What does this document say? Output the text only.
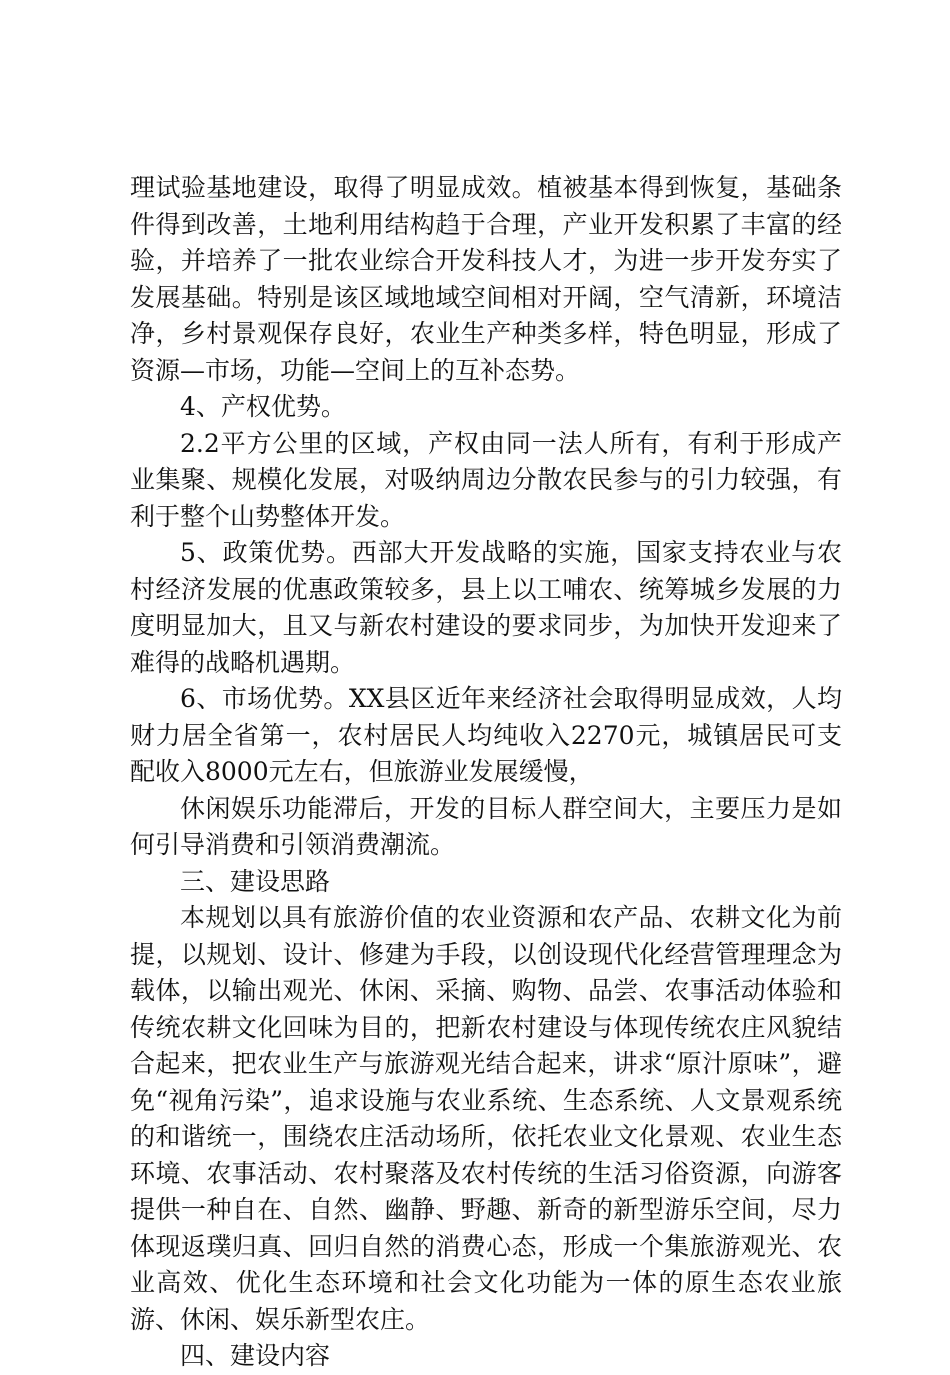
理试验基地建设，取得了明显成效。植被基本得到恢复，基础条件得到改善，土地利用结构趋于合理，产业开发积累了丰富的经验，并培养了一批农业综合开发科技人才，为进一步开发夯实了发展基础。特别是该区域地域空间相对开阔，空气清新，环境洁净，乡村景观保存良好，农业生产种类多样，特色明显，形成了资源—市场，功能—空间上的互补态势。

4、产权优势。

2.2平方公里的区域，产权由同一法人所有，有利于形成产业集聚、规模化发展，对吸纳周边分散农民参与的引力较强，有利于整个山势整体开发。

5、政策优势。西部大开发战略的实施，国家支持农业与农村经济发展的优惠政策较多，县上以工哺农、统筹城乡发展的力度明显加大，且又与新农村建设的要求同步，为加快开发迎来了难得的战略机遇期。

6、市场优势。XX县区近年来经济社会取得明显成效，人均财力居全省第一，农村居民人均纯收入2270元，城镇居民可支配收入8000元左右，但旅游业发展缓慢，

休闲娱乐功能滞后，开发的目标人群空间大，主要压力是如何引导消费和引领消费潮流。

三、建设思路

本规划以具有旅游价值的农业资源和农产品、农耕文化为前提，以规划、设计、修建为手段，以创设现代化经营管理理念为载体，以输出观光、休闲、采摘、购物、品尝、农事活动体验和传统农耕文化回味为目的，把新农村建设与体现传统农庄风貌结合起来，把农业生产与旅游观光结合起来，讲求“原汁原味”，避免“视角污染”，追求设施与农业系统、生态系统、人文景观系统的和谐统一，围绕农庄活动场所，依托农业文化景观、农业生态环境、农事活动、农村聚落及农村传统的生活习俗资源，向游客提供一种自在、自然、幽静、野趣、新奇的新型游乐空间，尽力体现返璞归真、回归自然的消费心态，形成一个集旅游观光、农业高效、优化生态环境和社会文化功能为一体的原生态农业旅游、休闲、娱乐新型农庄。

四、建设内容
